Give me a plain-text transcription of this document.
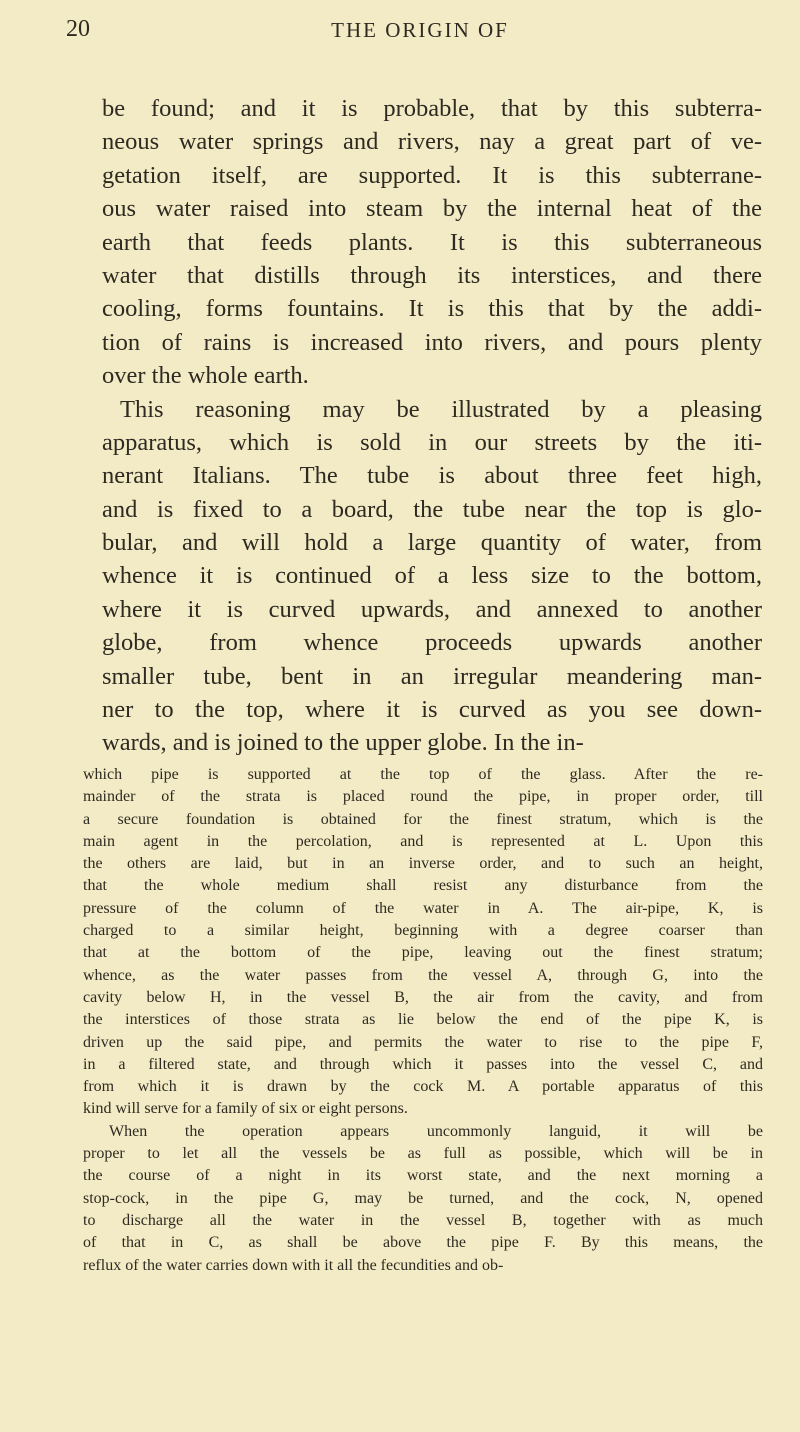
20	THE ORIGIN OF
be found; and it is probable, that by this subterra-
neous water springs and rivers, nay a great part of ve-
getation itself, are supported. It is this subterrane-
ous water raised into steam by the internal heat of the
earth that feeds plants. It is this subterraneous
water that distills through its interstices, and there
cooling, forms fountains. It is this that by the addi-
tion of rains is increased into rivers, and pours plenty
over the whole earth.
This reasoning may be illustrated by a pleasing
apparatus, which is sold in our streets by the iti-
nerant Italians. The tube is about three feet high,
and is fixed to a board, the tube near the top is glo-
bular, and will hold a large quantity of water, from
whence it is continued of a less size to the bottom,
where it is curved upwards, and annexed to another
globe, from whence proceeds upwards another
smaller tube, bent in an irregular meandering man-
ner to the top, where it is curved as you see down-
wards, and is joined to the upper globe. In the in-
which pipe is supported at the top of the glass. After the re-
mainder of the strata is placed round the pipe, in proper order, till
a secure foundation is obtained for the finest stratum, which is the
main agent in the percolation, and is represented at L. Upon this
the others are laid, but in an inverse order, and to such an height,
that the whole medium shall resist any disturbance from the
pressure of the column of the water in A. The air-pipe, K, is
charged to a similar height, beginning with a degree coarser than
that at the bottom of the pipe, leaving out the finest stratum;
whence, as the water passes from the vessel A, through G, into the
cavity below H, in the vessel B, the air from the cavity, and from
the interstices of those strata as lie below the end of the pipe K, is
driven up the said pipe, and permits the water to rise to the pipe F,
in a filtered state, and through which it passes into the vessel C, and
from which it is drawn by the cock M. A portable apparatus of this
kind will serve for a family of six or eight persons.
When the operation appears uncommonly languid, it will be
proper to let all the vessels be as full as possible, which will be in
the course of a night in its worst state, and the next morning a
stop-cock, in the pipe G, may be turned, and the cock, N, opened
to discharge all the water in the vessel B, together with as much
of that in C, as shall be above the pipe F. By this means, the
reflux of the water carries down with it all the fecundities and ob-
